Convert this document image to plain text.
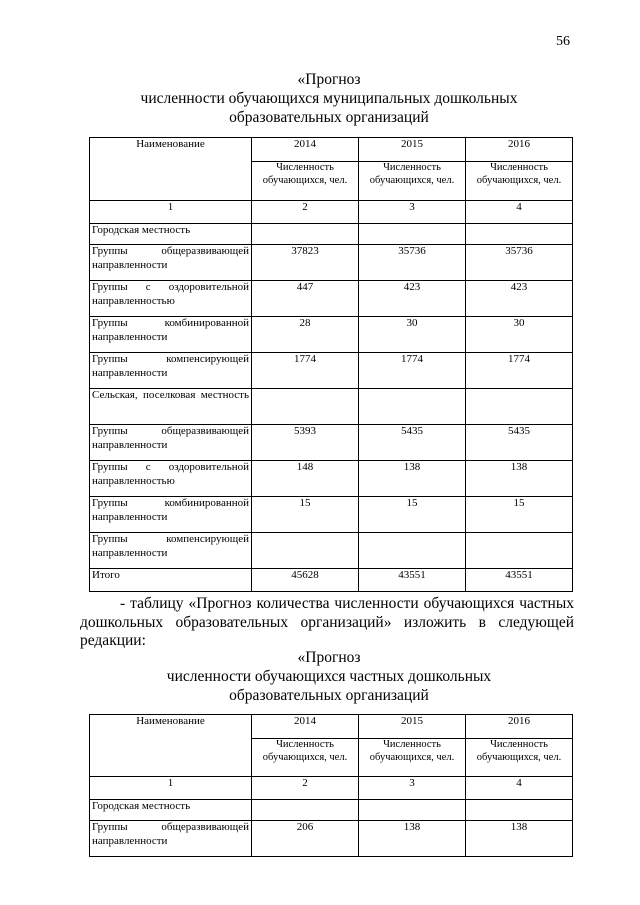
56
«Прогноз
численности обучающихся муниципальных дошкольных
образовательных организаций
Наименование	2014	2015	2016
	Численность обучающихся, чел.	Численность обучающихся, чел.	Численность обучающихся, чел.
1	2	3	4
Городская местность			
Группы общеразвивающей направленности	37823	35736	35736
Группы с оздоровительной направленностью	447	423	423
Группы комбинированной направленности	28	30	30
Группы компенсирующей направленности	1774	1774	1774
Сельская, поселковая местность			
Группы общеразвивающей направленности	5393	5435	5435
Группы с оздоровительной направленностью	148	138	138
Группы комбинированной направленности	15	15	15
Группы компенсирующей направленности			
Итого	45628	43551	43551
- таблицу «Прогноз количества численности обучающихся частных
дошкольных образовательных организаций» изложить в следующей
редакции:
«Прогноз
численности обучающихся частных дошкольных
образовательных организаций
Наименование	2014	2015	2016
	Численность обучающихся, чел.	Численность обучающихся, чел.	Численность обучающихся, чел.
1	2	3	4
Городская местность			
Группы общеразвивающей направленности	206	138	138
